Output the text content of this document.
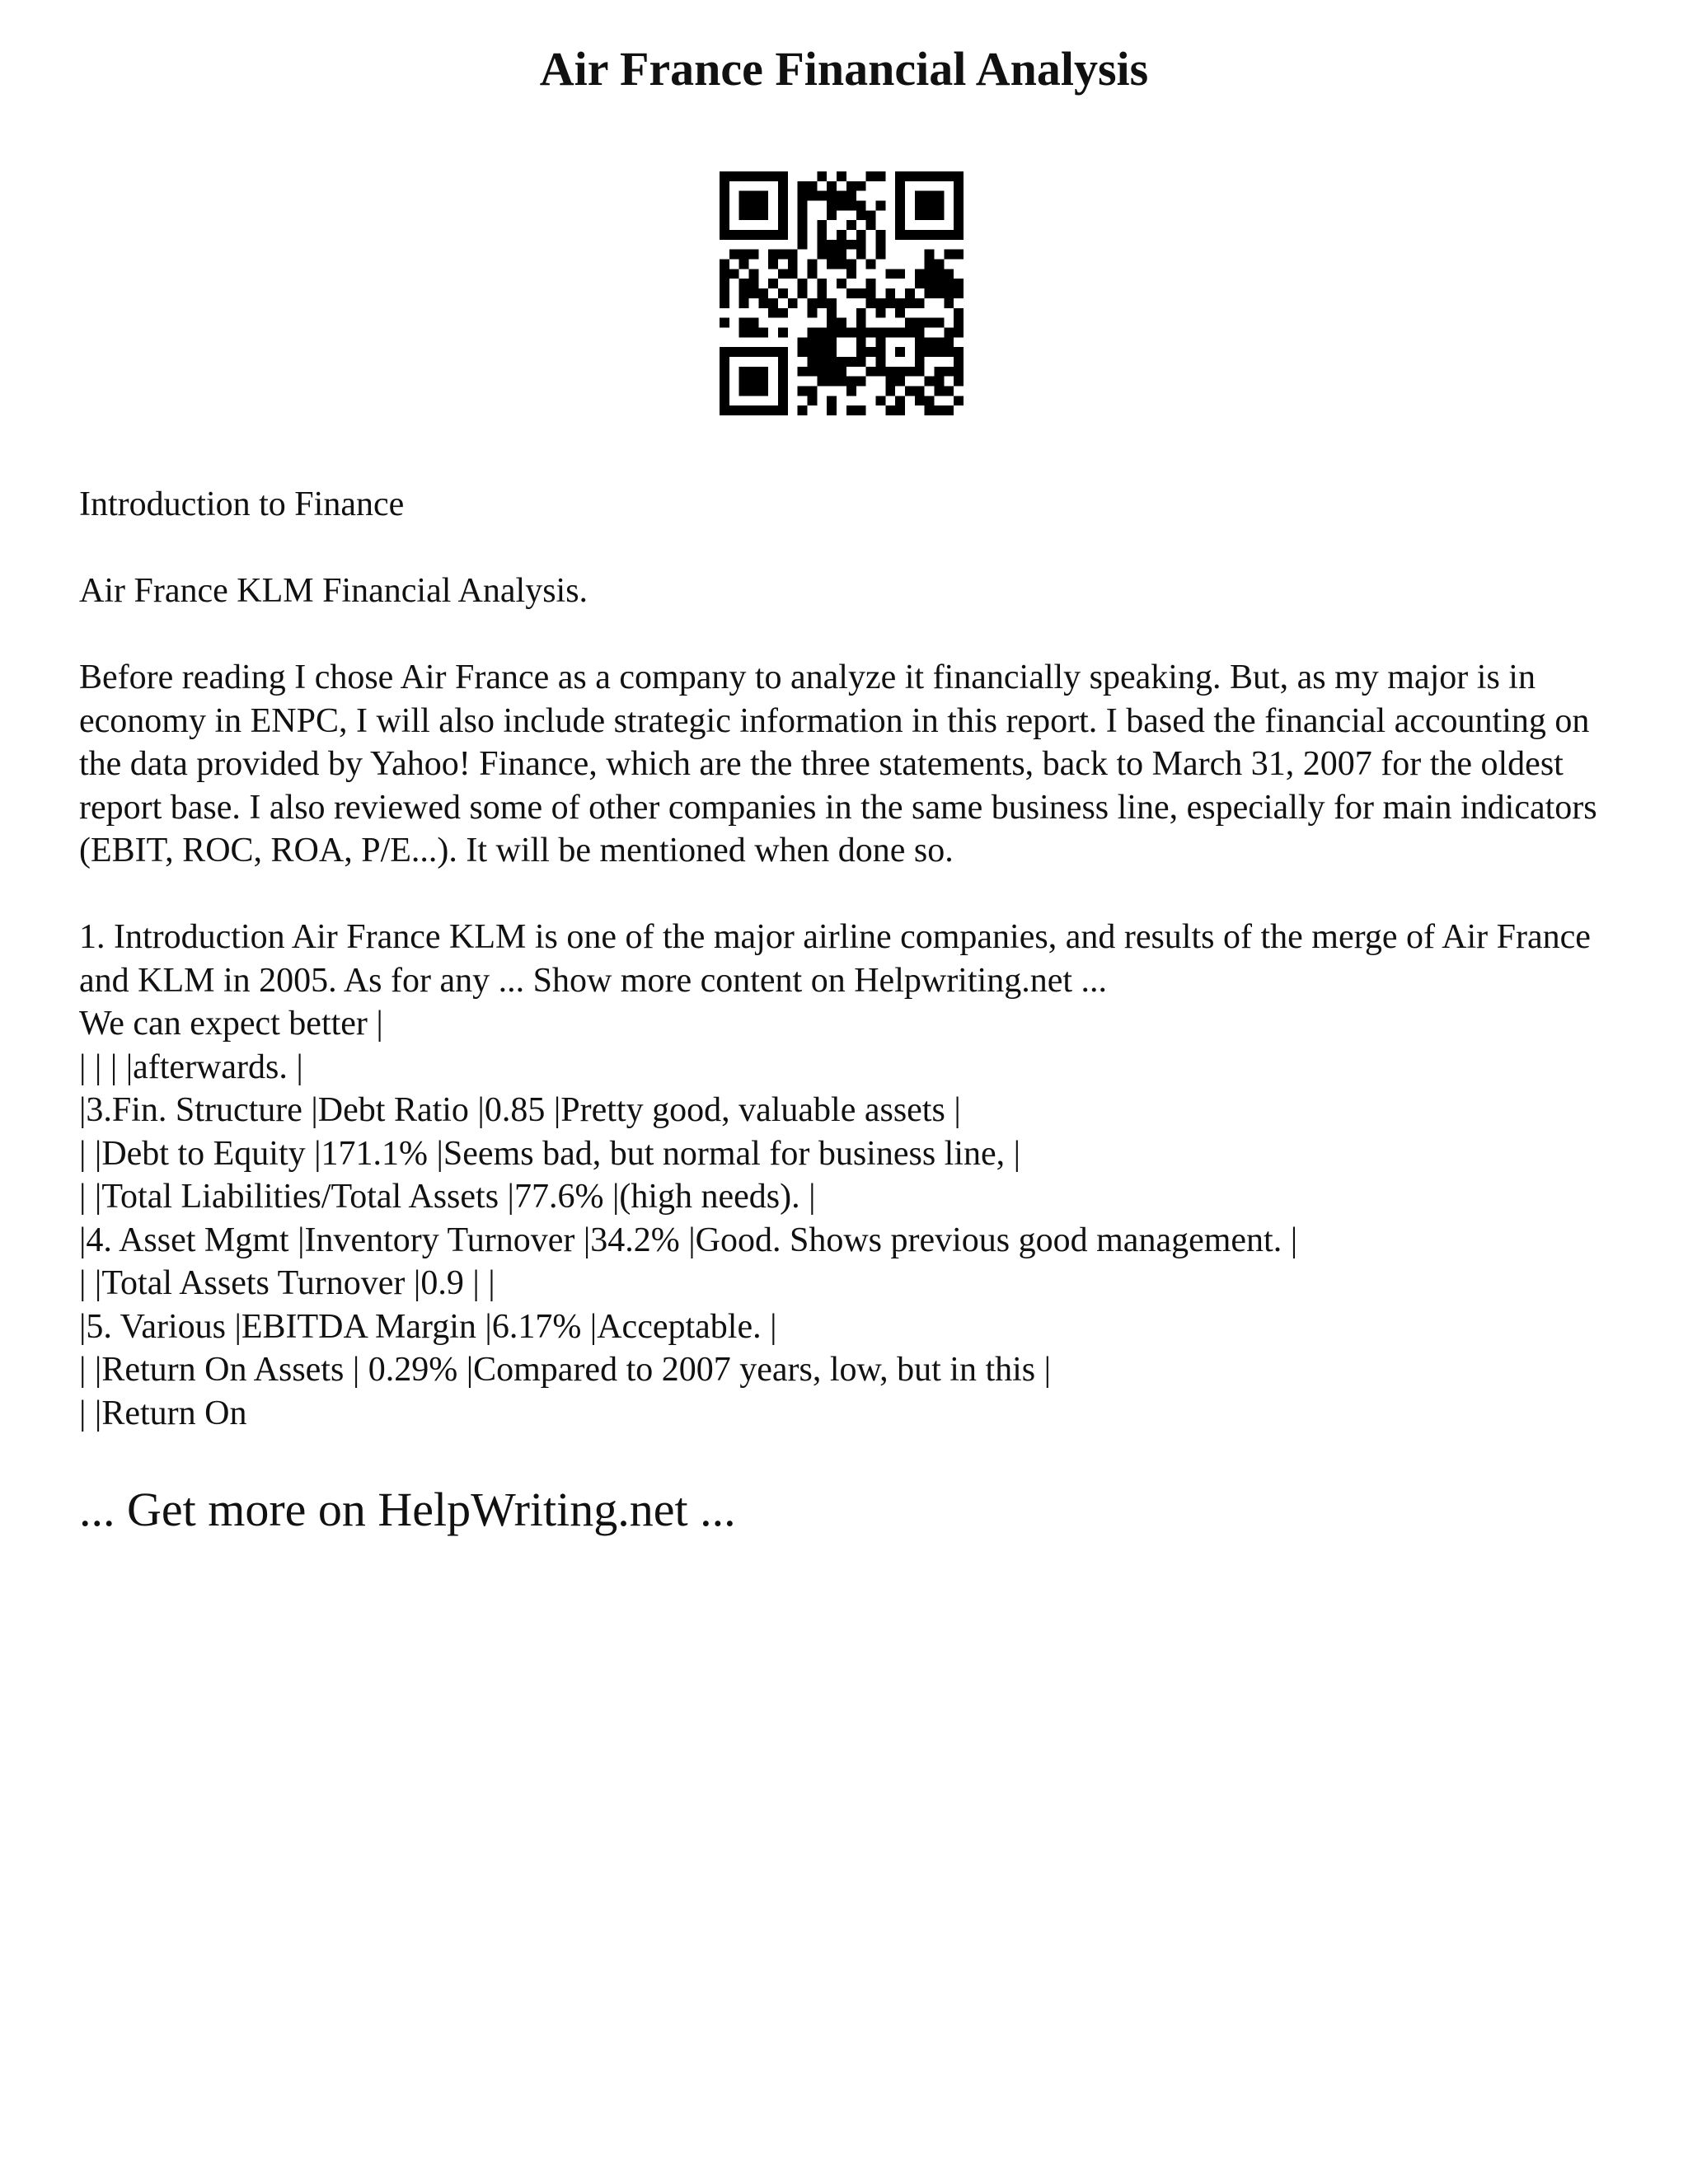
Air France Financial Analysis

Introduction to Finance

Air France KLM Financial Analysis.

Before reading I chose Air France as a company to analyze it financially speaking. But, as my major is in economy in ENPC, I will also include strategic information in this report. I based the financial accounting on the data provided by Yahoo! Finance, which are the three statements, back to March 31, 2007 for the oldest report base. I also reviewed some of other companies in the same business line, especially for main indicators (EBIT, ROC, ROA, P/E...). It will be mentioned when done so.

1. Introduction Air France KLM is one of the major airline companies, and results of the merge of Air France and KLM in 2005. As for any ... Show more content on Helpwriting.net ...
We can expect better |
| | | |afterwards. |
|3.Fin. Structure |Debt Ratio |0.85 |Pretty good, valuable assets |
| |Debt to Equity |171.1% |Seems bad, but normal for business line, |
| |Total Liabilities/Total Assets |77.6% |(high needs). |
|4. Asset Mgmt |Inventory Turnover |34.2% |Good. Shows previous good management. |
| |Total Assets Turnover |0.9 | |
|5. Various |EBITDA Margin |6.17% |Acceptable. |
| |Return On Assets | 0.29% |Compared to 2007 years, low, but in this |
| |Return On

... Get more on HelpWriting.net ...
